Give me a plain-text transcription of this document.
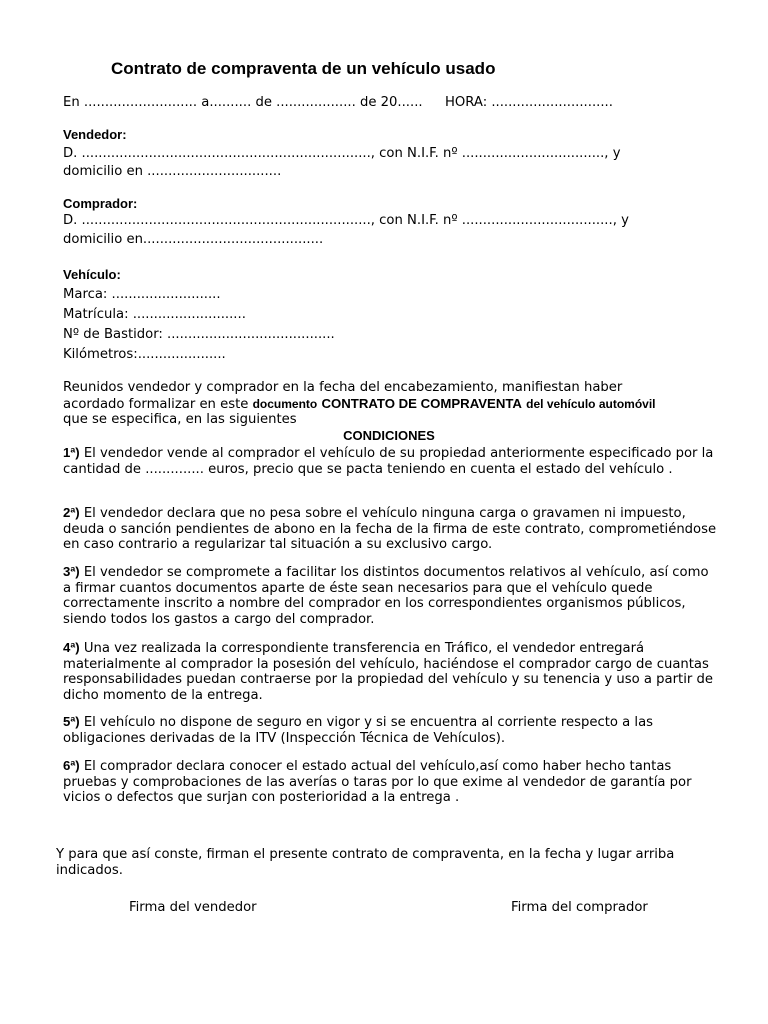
Contrato de compraventa de un vehículo usado
En ........................... a.......... de ................... de 20...... HORA: .............................
Vendedor:
D. ....................................................................., con N.I.F. nº .................................., y
domicilio en ................................
Comprador:
D. ....................................................................., con N.I.F. nº ...................................., y
domicilio en...........................................
Vehículo:
Marca: ..........................
Matrícula: ...........................
Nº de Bastidor: ........................................
Kilómetros:.....................
Reunidos vendedor y comprador en la fecha del encabezamiento, manifiestan haber acordado formalizar en este documento CONTRATO DE COMPRAVENTA del vehículo automóvil que se especifica, en las siguientes
CONDICIONES
1ª) El vendedor vende al comprador el vehículo de su propiedad anteriormente especificado por la cantidad de .............. euros, precio que se pacta teniendo en cuenta el estado del vehículo .
2ª) El vendedor declara que no pesa sobre el vehículo ninguna carga o gravamen ni impuesto, deuda o sanción pendientes de abono en la fecha de la firma de este contrato, comprometiéndose en caso contrario a regularizar tal situación a su exclusivo cargo.
3ª) El vendedor se compromete a facilitar los distintos documentos relativos al vehículo, así como a firmar cuantos documentos aparte de éste sean necesarios para que el vehículo quede correctamente inscrito a nombre del comprador en los correspondientes organismos públicos, siendo todos los gastos a cargo del comprador.
4ª) Una vez realizada la correspondiente transferencia en Tráfico, el vendedor entregará materialmente al comprador la posesión del vehículo, haciéndose el comprador cargo de cuantas responsabilidades puedan contraerse por la propiedad del vehículo y su tenencia y uso a partir de dicho momento de la entrega.
5ª) El vehículo no dispone de seguro en vigor y si se encuentra al corriente respecto a las obligaciones derivadas de la ITV (Inspección Técnica de Vehículos).
6ª) El comprador declara conocer el estado actual del vehículo,así como haber hecho tantas pruebas y comprobaciones de las averías o taras por lo que exime al vendedor de garantía por vicios o defectos que surjan con posterioridad a la entrega .
Y para que así conste, firman el presente contrato de compraventa, en la fecha y lugar arriba indicados.
Firma del vendedor	Firma del comprador
